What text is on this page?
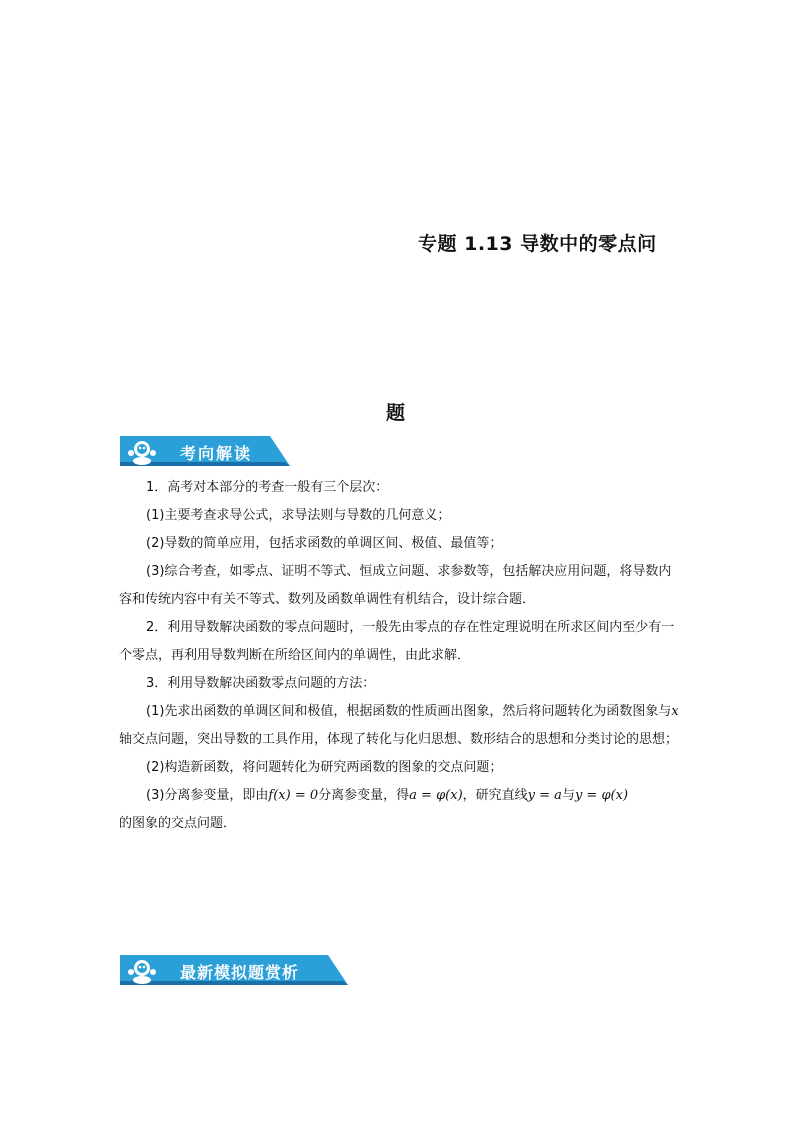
专题 1.13 导数中的零点问
题
考向解读

1．高考对本部分的考查一般有三个层次：

(1)主要考查求导公式，求导法则与导数的几何意义；

(2)导数的简单应用，包括求函数的单调区间、极值、最值等；

(3)综合考查，如零点、证明不等式、恒成立问题、求参数等，包括解决应用问题，将导数内容和传统内容中有关不等式、数列及函数单调性有机结合，设计综合题．

2．利用导数解决函数的零点问题时，一般先由零点的存在性定理说明在所求区间内至少有一个零点，再利用导数判断在所给区间内的单调性，由此求解．

3．利用导数解决函数零点问题的方法：

(1)先求出函数的单调区间和极值，根据函数的性质画出图象，然后将问题转化为函数图象与x轴交点问题，突出导数的工具作用，体现了转化与化归思想、数形结合的思想和分类讨论的思想；

(2)构造新函数，将问题转化为研究两函数的图象的交点问题；

(3)分离参变量，即由f(x) = 0分离参变量，得a = φ(x)，研究直线y = a与y = φ(x)

的图象的交点问题．

最新模拟题赏析
